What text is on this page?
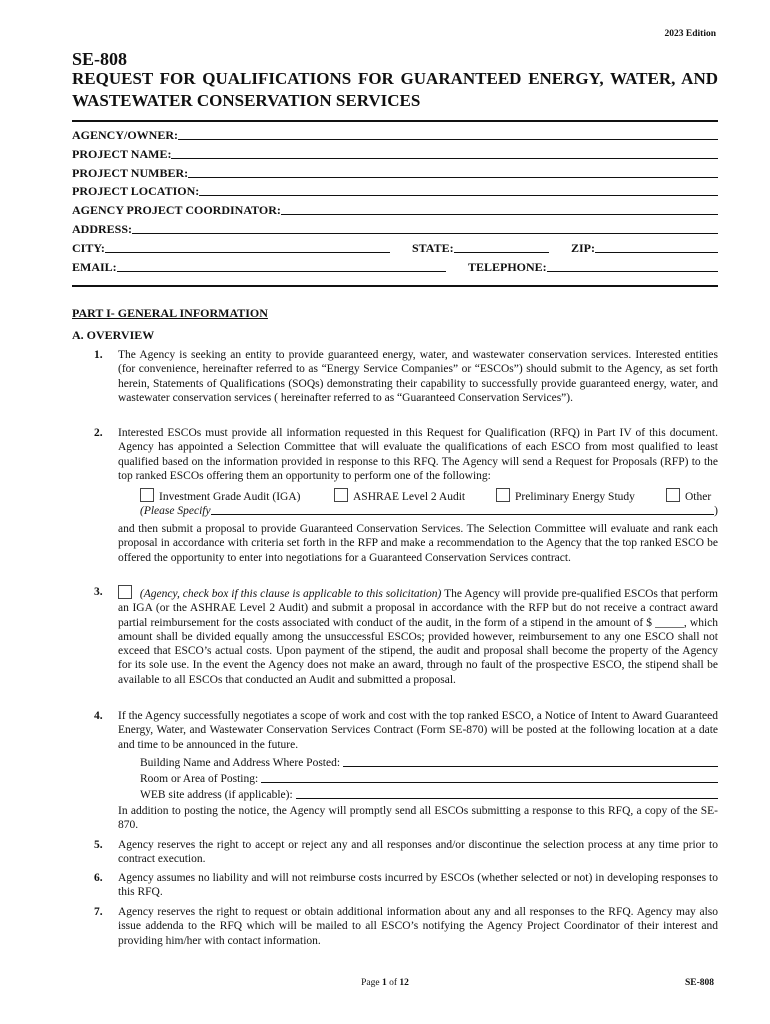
2023 Edition
SE-808
REQUEST FOR QUALIFICATIONS FOR GUARANTEED ENERGY, WATER, AND WASTEWATER CONSERVATION SERVICES
AGENCY/OWNER:
PROJECT NAME:
PROJECT NUMBER:
PROJECT LOCATION:
AGENCY PROJECT COORDINATOR:
ADDRESS:
CITY:	STATE:	ZIP:
EMAIL:	TELEPHONE:
PART I- GENERAL INFORMATION
A. OVERVIEW
1. The Agency is seeking an entity to provide guaranteed energy, water, and wastewater conservation services. Interested entities (for convenience, hereinafter referred to as “Energy Service Companies” or “ESCOs”) should submit to the Agency, as set forth herein, Statements of Qualifications (SOQs) demonstrating their capability to successfully provide guaranteed energy, water, and wastewater conservation services ( hereinafter referred to as “Guaranteed Conservation Services”).
2. Interested ESCOs must provide all information requested in this Request for Qualification (RFQ) in Part IV of this document. Agency has appointed a Selection Committee that will evaluate the qualifications of each ESCO from most qualified to least qualified based on the information provided in response to this RFQ. The Agency will send a Request for Proposals (RFP) to the top ranked ESCOs offering them an opportunity to perform one of the following:
Investment Grade Audit (IGA)	ASHRAE Level 2 Audit	Preliminary Energy Study	Other
(Please Specify	)
and then submit a proposal to provide Guaranteed Conservation Services. The Selection Committee will evaluate and rank each proposal in accordance with criteria set forth in the RFP and make a recommendation to the Agency that the top ranked ESCO be offered the opportunity to enter into negotiations for a Guaranteed Conservation Services contract.
3.	(Agency, check box if this clause is applicable to this solicitation) The Agency will provide pre-qualified ESCOs that perform an IGA (or the ASHRAE Level 2 Audit) and submit a proposal in accordance with the RFP but do not receive a contract award partial reimbursement for the costs associated with conduct of the audit, in the form of a stipend in the amount of $ _____, which amount shall be divided equally among the unsuccessful ESCOs; provided however, reimbursement to any one ESCO shall not exceed that ESCO’s actual costs. Upon payment of the stipend, the audit and proposal shall become the property of the Agency for its sole use. In the event the Agency does not make an award, through no fault of the prospective ESCO, the stipend shall be available to all ESCOs that conducted an Audit and submitted a proposal.
4. If the Agency successfully negotiates a scope of work and cost with the top ranked ESCO, a Notice of Intent to Award Guaranteed Energy, Water, and Wastewater Conservation Services Contract (Form SE-870) will be posted at the following location at a date and time to be announced in the future.
Building Name and Address Where Posted:
Room or Area of Posting:
WEB site address (if applicable):
In addition to posting the notice, the Agency will promptly send all ESCOs submitting a response to this RFQ, a copy of the SE-870.
5. Agency reserves the right to accept or reject any and all responses and/or discontinue the selection process at any time prior to contract execution.
6. Agency assumes no liability and will not reimburse costs incurred by ESCOs (whether selected or not) in developing responses to this RFQ.
7. Agency reserves the right to request or obtain additional information about any and all responses to the RFQ. Agency may also issue addenda to the RFQ which will be mailed to all ESCO’s notifying the Agency Project Coordinator of their interest and providing him/her with contact information.
Page 1 of 12	SE-808
